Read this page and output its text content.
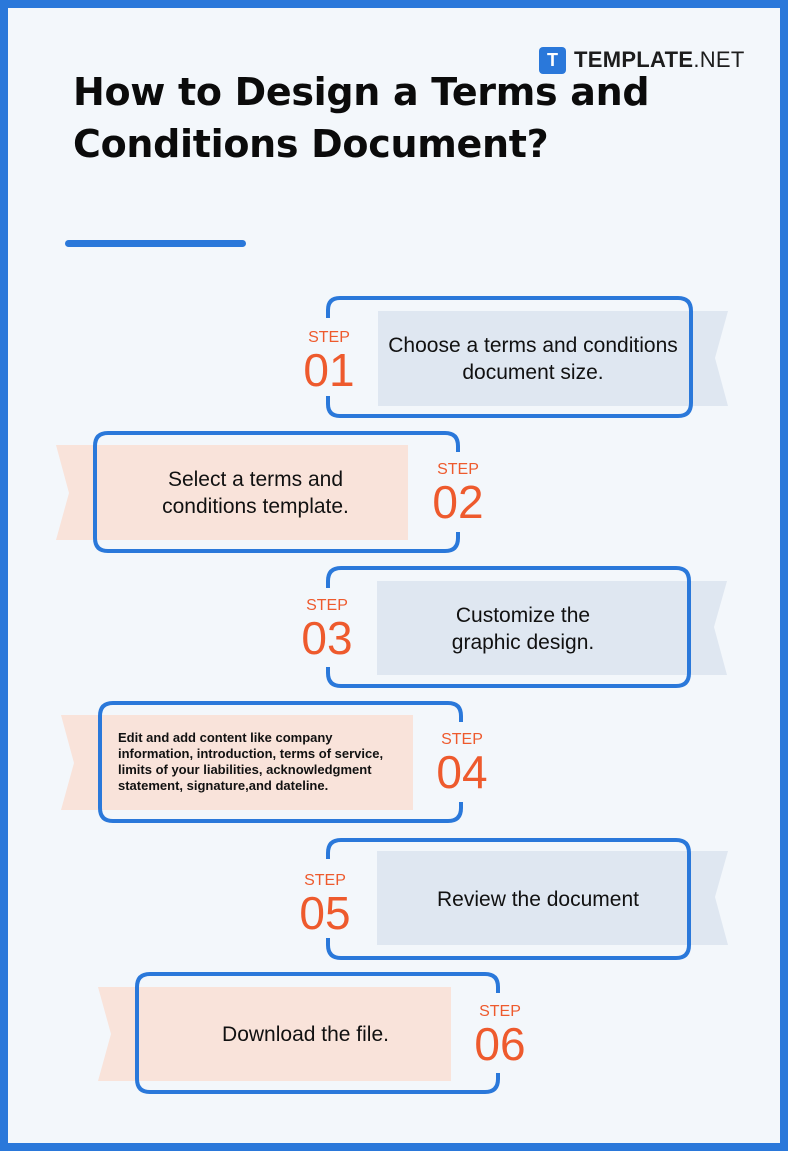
T TEMPLATE.NET
How to Design a Terms and Conditions Document?
STEP
01	Choose a terms and conditions document size.
STEP
02
Select a terms and conditions template.
STEP
03	Customize the graphic design.
STEP
04
Edit and add content like company information, introduction, terms of service, limits of your liabilities, acknowledgment statement, signature,and dateline.
STEP
05	Review the document
STEP
06
Download the file.
